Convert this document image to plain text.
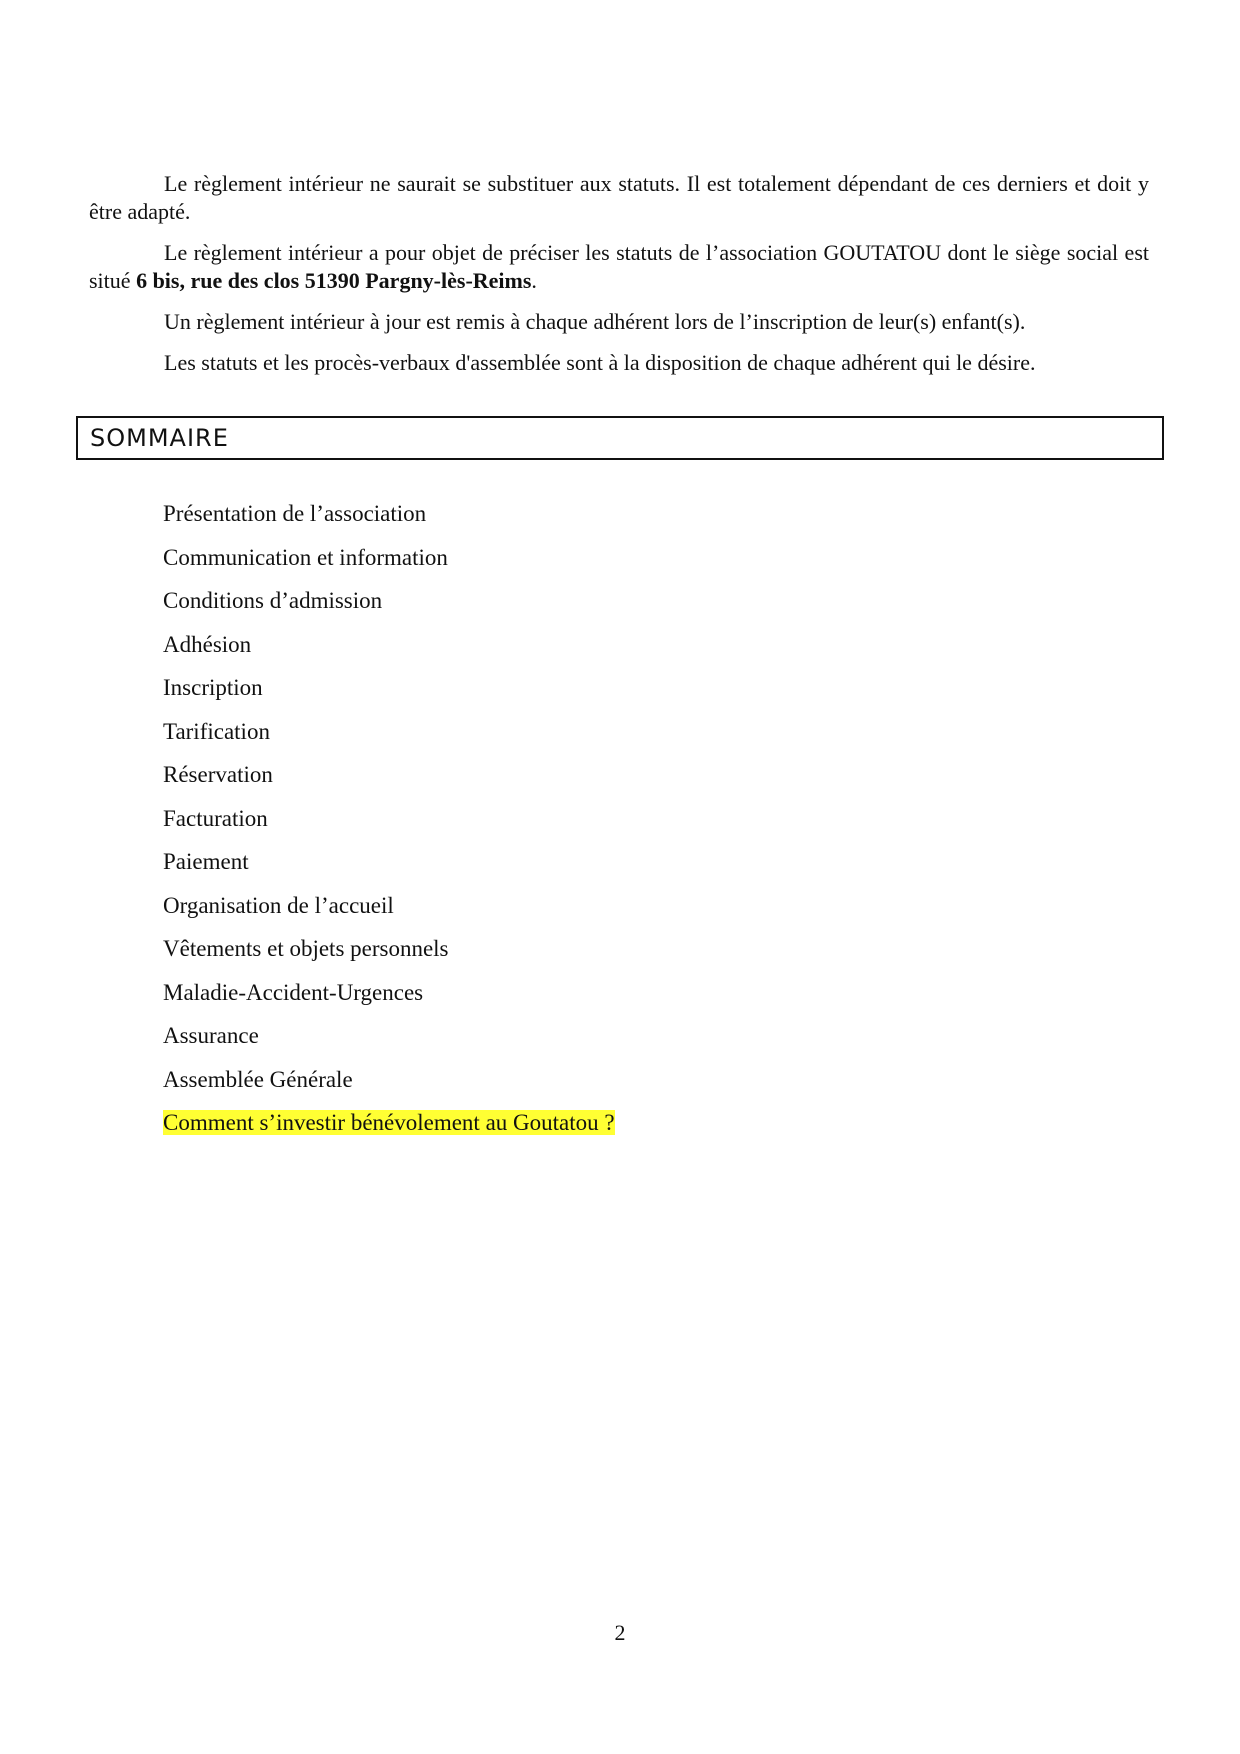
Le règlement intérieur ne saurait se substituer aux statuts. Il est totalement dépendant de ces derniers et doit y être adapté.

Le règlement intérieur a pour objet de préciser les statuts de l’association GOUTATOU dont le siège social est situé 6 bis, rue des clos 51390 Pargny-lès-Reims.

Un règlement intérieur à jour est remis à chaque adhérent lors de l’inscription de leur(s) enfant(s).

Les statuts et les procès-verbaux d'assemblée sont à la disposition de chaque adhérent qui le désire.

SOMMAIRE
Présentation de l’association
Communication et information
Conditions d’admission
Adhésion
Inscription
Tarification
Réservation
Facturation
Paiement
Organisation de l’accueil
Vêtements et objets personnels
Maladie-Accident-Urgences
Assurance
Assemblée Générale
Comment s’investir bénévolement au Goutatou ?
2
